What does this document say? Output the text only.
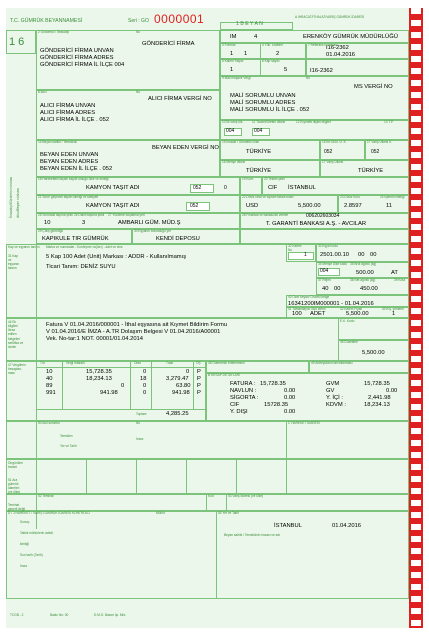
T.C. GÜMRÜK BEYANNAMESİ	Seri : GO 0000001	1 B E Y A N
A İHRACAT/İTHALAT/VARIŞ GÜMRÜK İDARESİ
1 6
İhracatçı/Gönderici nüshası Alıcı/Beyan nüshası
2 Gönderici / İhracatçı	No
GÖNDERİCİ FİRMA
GÖNDERİCİ FİRMA UNVAN
GÖNDERİCİ FİRMA ADRES
GÖNDERİCİ FİRMA İL İLÇE 004
IM	4	ERENKÖY GÜMRÜK MÜDÜRLÜĞÜ
I16-2362
01.04.2016
3 Formlar
1 1
4 Yük. Listeleri
2
7 Referans numarası
5 Kalem Sayısı
1
6 Kap sayısı
5	I16-2362
8 Alıcı	No
ALICI FİRMA VERGİ NO
ALICI FİRMA UNVAN
ALICI FİRMA ADRES
ALICI FİRMA İL İLÇE . 052
9 Mali müşavir Vergi	No
MS VERGİ NO
MALİ SORUMLU UNVAN
MALİ SORUMLU ADRES
MALİ SORUMLU İL İLÇE . 052
10 İlk varış ülk.
004
11 Ticaret/Üretim ülkesi
004
12 Kıymete ilişkin bilgiler	13 T.P.
14 Beyan sahibi / Temsilcisi
BEYAN EDEN VERGİ NO
BEYAN EDEN UNVAN
BEYAN EDEN ADRES
BEYAN EDEN İL İLÇE . 052
15 İhracat / Gönderici ülke
TÜRKİYE
15 İhr./Gön. Ü. K.
052
17 Varış Ülkesi K.
052
16 Menşe ülkesi
TÜRKİYE
17 Varış Ülkesi
TÜRKİYE
18 Hareketteki taşıtın kayıtlı olduğu ülke ve kimliği
KAMYON TAŞIT ADI	052	0
19 Kont.	20 Teslim şekli
CIF İSTANBUL
21 Sınırı geçecek taşıtın kimliği ve tabiiyeti
KAMYON TAŞIT ADI	052
22 Döviz cinsi ve toplam fatura tutarı
USD	5,500.00
23 Döviz Kuru
2.8597
24 İşlemin niteliği
11
25 Sınırdaki taşıma şekli
10
26 Dahili taşıma şekli
3
27 Yükleme boşaltma yeri
AMBARLI GÜM. MÜD.Ş
28 Finansal ve bankacılık verileri	006202603034
T. GARANTİ BANKASI A.Ş. - AVCILAR
29 Çıkış gümrüğü
KAPIKULE TIR GÜMRÜK
30 Eşyanın bulunduğu yer
KENDİ DEPOSU
Kap ve eşyanın tanımı
31 Kap
ve
eşyanın
tanımı
Marka ve numaralar - Konteyner no(ları) - adet ve cins
5 Kap 100 Adet (Unit) Markası : ADDR - Kullanılmamış
Ticari Tanım: DENİZ SUYU
32 Kalem
No
1
33 Eşya Kodu
2501.00.10 00 00
34 Menşe Ülke kodu
004
35 Brüt ağırlık (kg)
500.00	AT
37 Rejim
40 00
38 Net ağırlık (kg)
450.00
39 Kota
40 Özet beyan/ Önceki belge
16341200IM000001 - 01.04.2016
41 Tamamlayıcı ölçü birimi
100 ADET
42 Kalem Fiyatı
5,500.00
43 Kıy. yöntemi
1
44 Ek
bilgiler/
İbraz
edilen
belgeler/
sertifika ve
izinler
Fatura V 01.04.2016/000001 - İthal eşyasına ait Kıymet Bildirim Formu
V 01.04.2016/E İMZA - A.TR Dolaşım Belgesi V 01.04.2016/A00001
Vek. No-tar:1 NOT. 00001/01.04.2014
E.K. Kodu
45 Düzeltme
5,500.00
47 Vergilerin
hesaplan-
ması
Tür	Vergi matrahı	Oran	Tutar	ÖŞ
10	15,728.35	0	0 P
40	18,234.13	18	3,279.47 P
89	0	0	63.80 P
991	941.98	0	941.98 P
Toplam:	4,285.25
48 Ödemenin ertelenmesi	49 Antrepoların tanımlanması
B HESAP DETAYLARI
FATURA : 15,728.35	GVM	15,728.35
NAVLUN :	0.00	GV	0.00
SİGORTA :	0.00	Y. İÇİ :	2,441.98
CIF	15728.35	KDVM :	18,234.13
Y. DIŞI	0.00
50 Asıl sorumlu	No
İmza:
Temsilen
Yer ve Tarih
C HAREKET İDARESİ
Öngörülen
transit
51 Ara
gümrük
idareleri
(ve ülke)
52 Teminat
Teminat
geçerli değil
Kod	53 Varış İdaresi (ve ülke)
D / J HAREKET / VARIŞ GÜMRÜK İDARESİ KONTROLÜ	Mühür
Sonuç:
Tatbik mühürlerin adedi
kimliği
Son tarih (Tarih)
İmza
54 Yer ve Tarih
İSTANBUL	01.04.2016
Beyan sahibi / Temsilcinin imzası ve adı
TCGB - 2	Baskı No: 00	D.M.O. Basım İşi. Mrk.
